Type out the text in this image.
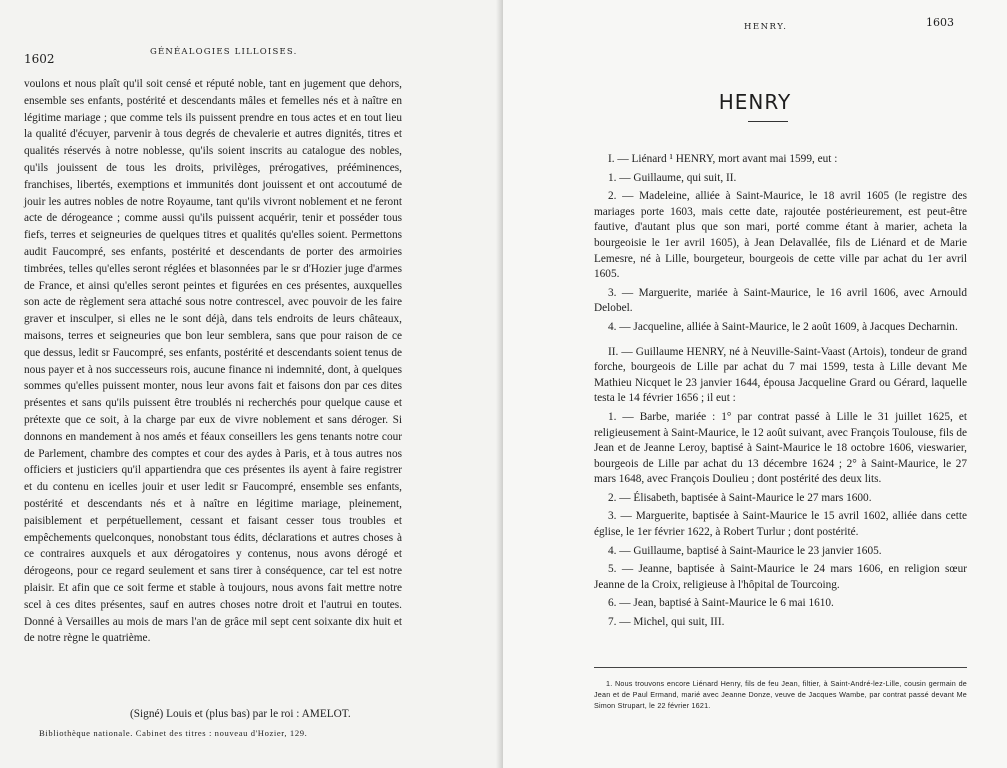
1602	GÉNÉALOGIES LILLOISES.

voulons et nous plaît qu'il soit censé et réputé noble, tant en jugement que dehors, ensemble ses enfants, postérité et descendants mâles et femelles nés et à naître en légitime mariage ; que comme tels ils puissent prendre en tous actes et en tout lieu la qualité d'écuyer, parvenir à tous degrés de chevalerie et autres dignités, titres et qualités réservés à notre noblesse, qu'ils soient inscrits au catalogue des nobles, qu'ils jouissent de tous les droits, privilèges, prérogatives, prééminences, franchises, libertés, exemptions et immunités dont jouissent et ont accoutumé de jouir les autres nobles de notre Royaume, tant qu'ils vivront noblement et ne feront acte de dérogeance ; comme aussi qu'ils puissent acquérir, tenir et posséder tous fiefs, terres et seigneuries de quelques titres et qualités qu'elles soient. Permettons audit Faucompré, ses enfants, postérité et descendants de porter des armoiries timbrées, telles qu'elles seront réglées et blasonnées par le sr d'Hozier juge d'armes de France, et ainsi qu'elles seront peintes et figurées en ces présentes, auxquelles son acte de règlement sera attaché sous notre contrescel, avec pouvoir de les faire graver et insculper, si elles ne le sont déjà, dans tels endroits de leurs châteaux, maisons, terres et seigneuries que bon leur semblera, sans que pour raison de ce que dessus, ledit sr Faucompré, ses enfants, postérité et descendants soient tenus de nous payer et à nos successeurs rois, aucune finance ni indemnité, dont, à quelques sommes qu'elles puissent monter, nous leur avons fait et faisons don par ces dites présentes et sans qu'ils puissent être troublés ni recherchés pour quelque cause et prétexte que ce soit, à la charge par eux de vivre noblement et sans déroger. Si donnons en mandement à nos amés et féaux conseillers les gens tenants notre cour de Parlement, chambre des comptes et cour des aydes à Paris, et à tous autres nos officiers et justiciers qu'il appartiendra que ces présentes ils ayent à faire registrer et du contenu en icelles jouir et user ledit sr Faucompré, ensemble ses enfants, postérité et descendants nés et à naître en légitime mariage, pleinement, paisiblement et perpétuellement, cessant et faisant cesser tous troubles et empêchements quelconques, nonobstant tous édits, déclarations et autres choses à ce contraires auxquels et aux dérogatoires y contenus, nous avons dérogé et dérogeons, pour ce regard seulement et sans tirer à conséquence, car tel est notre plaisir. Et afin que ce soit ferme et stable à toujours, nous avons fait mettre notre scel à ces dites présentes, sauf en autres choses notre droit et l'autrui en toutes. Donné à Versailles au mois de mars l'an de grâce mil sept cent soixante dix huit et de notre règne le quatrième.

(Signé) Louis et (plus bas) par le roi : AMELOT.
Bibliothèque nationale. Cabinet des titres : nouveau d'Hozier, 129.
HENRY.	1603
HENRY

I. — Liénard ¹ HENRY, mort avant mai 1599, eut :

1. — Guillaume, qui suit, II.

2. — Madeleine, alliée à Saint-Maurice, le 18 avril 1605 (le registre des mariages porte 1603, mais cette date, rajoutée postérieurement, est peut-être fautive, d'autant plus que son mari, porté comme étant à marier, acheta la bourgeoisie le 1er avril 1605), à Jean Delavallée, fils de Liénard et de Marie Lemesre, né à Lille, bourgeteur, bourgeois de cette ville par achat du 1er avril 1605.

3. — Marguerite, mariée à Saint-Maurice, le 16 avril 1606, avec Arnould Delobel.

4. — Jacqueline, alliée à Saint-Maurice, le 2 août 1609, à Jacques Decharnin.

II. — Guillaume HENRY, né à Neuville-Saint-Vaast (Artois), tondeur de grand forche, bourgeois de Lille par achat du 7 mai 1599, testa à Lille devant Me Mathieu Nicquet le 23 janvier 1644, épousa Jacqueline Grard ou Gérard, laquelle testa le 14 février 1656 ; il eut :

1. — Barbe, mariée : 1° par contrat passé à Lille le 31 juillet 1625, et religieusement à Saint-Maurice, le 12 août suivant, avec François Toulouse, fils de Jean et de Jeanne Leroy, baptisé à Saint-Maurice le 18 octobre 1606, vieswarier, bourgeois de Lille par achat du 13 décembre 1624 ; 2° à Saint-Maurice, le 27 mars 1648, avec François Doulieu ; dont postérité des deux lits.

2. — Élisabeth, baptisée à Saint-Maurice le 27 mars 1600.

3. — Marguerite, baptisée à Saint-Maurice le 15 avril 1602, alliée dans cette église, le 1er février 1622, à Robert Turlur ; dont postérité.

4. — Guillaume, baptisé à Saint-Maurice le 23 janvier 1605.

5. — Jeanne, baptisée à Saint-Maurice le 24 mars 1606, en religion sœur Jeanne de la Croix, religieuse à l'hôpital de Tourcoing.

6. — Jean, baptisé à Saint-Maurice le 6 mai 1610.

7. — Michel, qui suit, III.

1. Nous trouvons encore Liénard Henry, fils de feu Jean, filtier, à Saint-André-lez-Lille, cousin germain de Jean et de Paul Ermand, marié avec Jeanne Donze, veuve de Jacques Wambe, par contrat passé devant Me Simon Strupart, le 22 février 1621.
